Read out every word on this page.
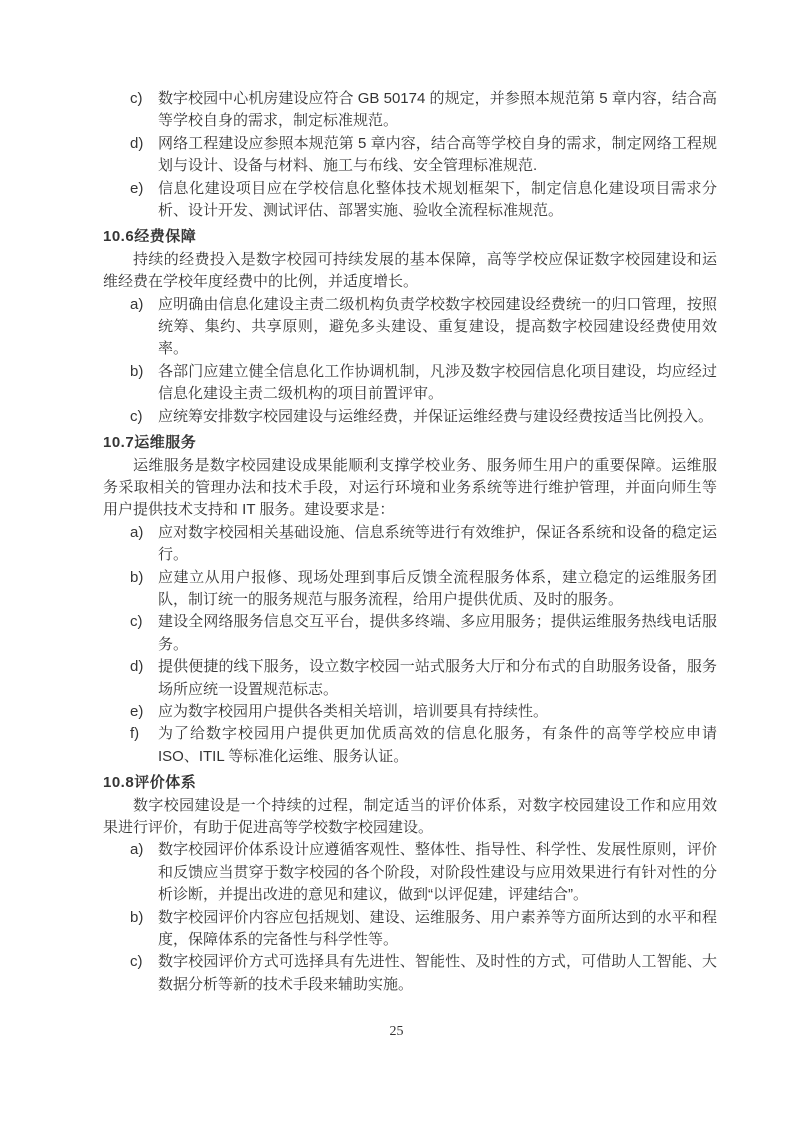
c) 数字校园中心机房建设应符合 GB 50174 的规定，并参照本规范第 5 章内容，结合高等学校自身的需求，制定标准规范。
d) 网络工程建设应参照本规范第 5 章内容，结合高等学校自身的需求，制定网络工程规划与设计、设备与材料、施工与布线、安全管理标准规范.
e) 信息化建设项目应在学校信息化整体技术规划框架下，制定信息化建设项目需求分析、设计开发、测试评估、部署实施、验收全流程标准规范。
10.6经费保障

持续的经费投入是数字校园可持续发展的基本保障，高等学校应保证数字校园建设和运维经费在学校年度经费中的比例，并适度增长。

a) 应明确由信息化建设主责二级机构负责学校数字校园建设经费统一的归口管理，按照统筹、集约、共享原则，避免多头建设、重复建设，提高数字校园建设经费使用效率。
b) 各部门应建立健全信息化工作协调机制，凡涉及数字校园信息化项目建设，均应经过信息化建设主责二级机构的项目前置评审。
c) 应统筹安排数字校园建设与运维经费，并保证运维经费与建设经费按适当比例投入。
10.7运维服务

运维服务是数字校园建设成果能顺利支撑学校业务、服务师生用户的重要保障。运维服务采取相关的管理办法和技术手段，对运行环境和业务系统等进行维护管理，并面向师生等用户提供技术支持和 IT 服务。建设要求是：

a) 应对数字校园相关基础设施、信息系统等进行有效维护，保证各系统和设备的稳定运行。
b) 应建立从用户报修、现场处理到事后反馈全流程服务体系，建立稳定的运维服务团队，制订统一的服务规范与服务流程，给用户提供优质、及时的服务。
c) 建设全网络服务信息交互平台，提供多终端、多应用服务；提供运维服务热线电话服务。
d) 提供便捷的线下服务，设立数字校园一站式服务大厅和分布式的自助服务设备，服务场所应统一设置规范标志。
e) 应为数字校园用户提供各类相关培训，培训要具有持续性。
f) 为了给数字校园用户提供更加优质高效的信息化服务，有条件的高等学校应申请 ISO、ITIL 等标准化运维、服务认证。
10.8评价体系

数字校园建设是一个持续的过程，制定适当的评价体系，对数字校园建设工作和应用效果进行评价，有助于促进高等学校数字校园建设。

a) 数字校园评价体系设计应遵循客观性、整体性、指导性、科学性、发展性原则，评价和反馈应当贯穿于数字校园的各个阶段，对阶段性建设与应用效果进行有针对性的分析诊断，并提出改进的意见和建议，做到“以评促建，评建结合”。
b) 数字校园评价内容应包括规划、建设、运维服务、用户素养等方面所达到的水平和程度，保障体系的完备性与科学性等。
c) 数字校园评价方式可选择具有先进性、智能性、及时性的方式，可借助人工智能、大数据分析等新的技术手段来辅助实施。
25
